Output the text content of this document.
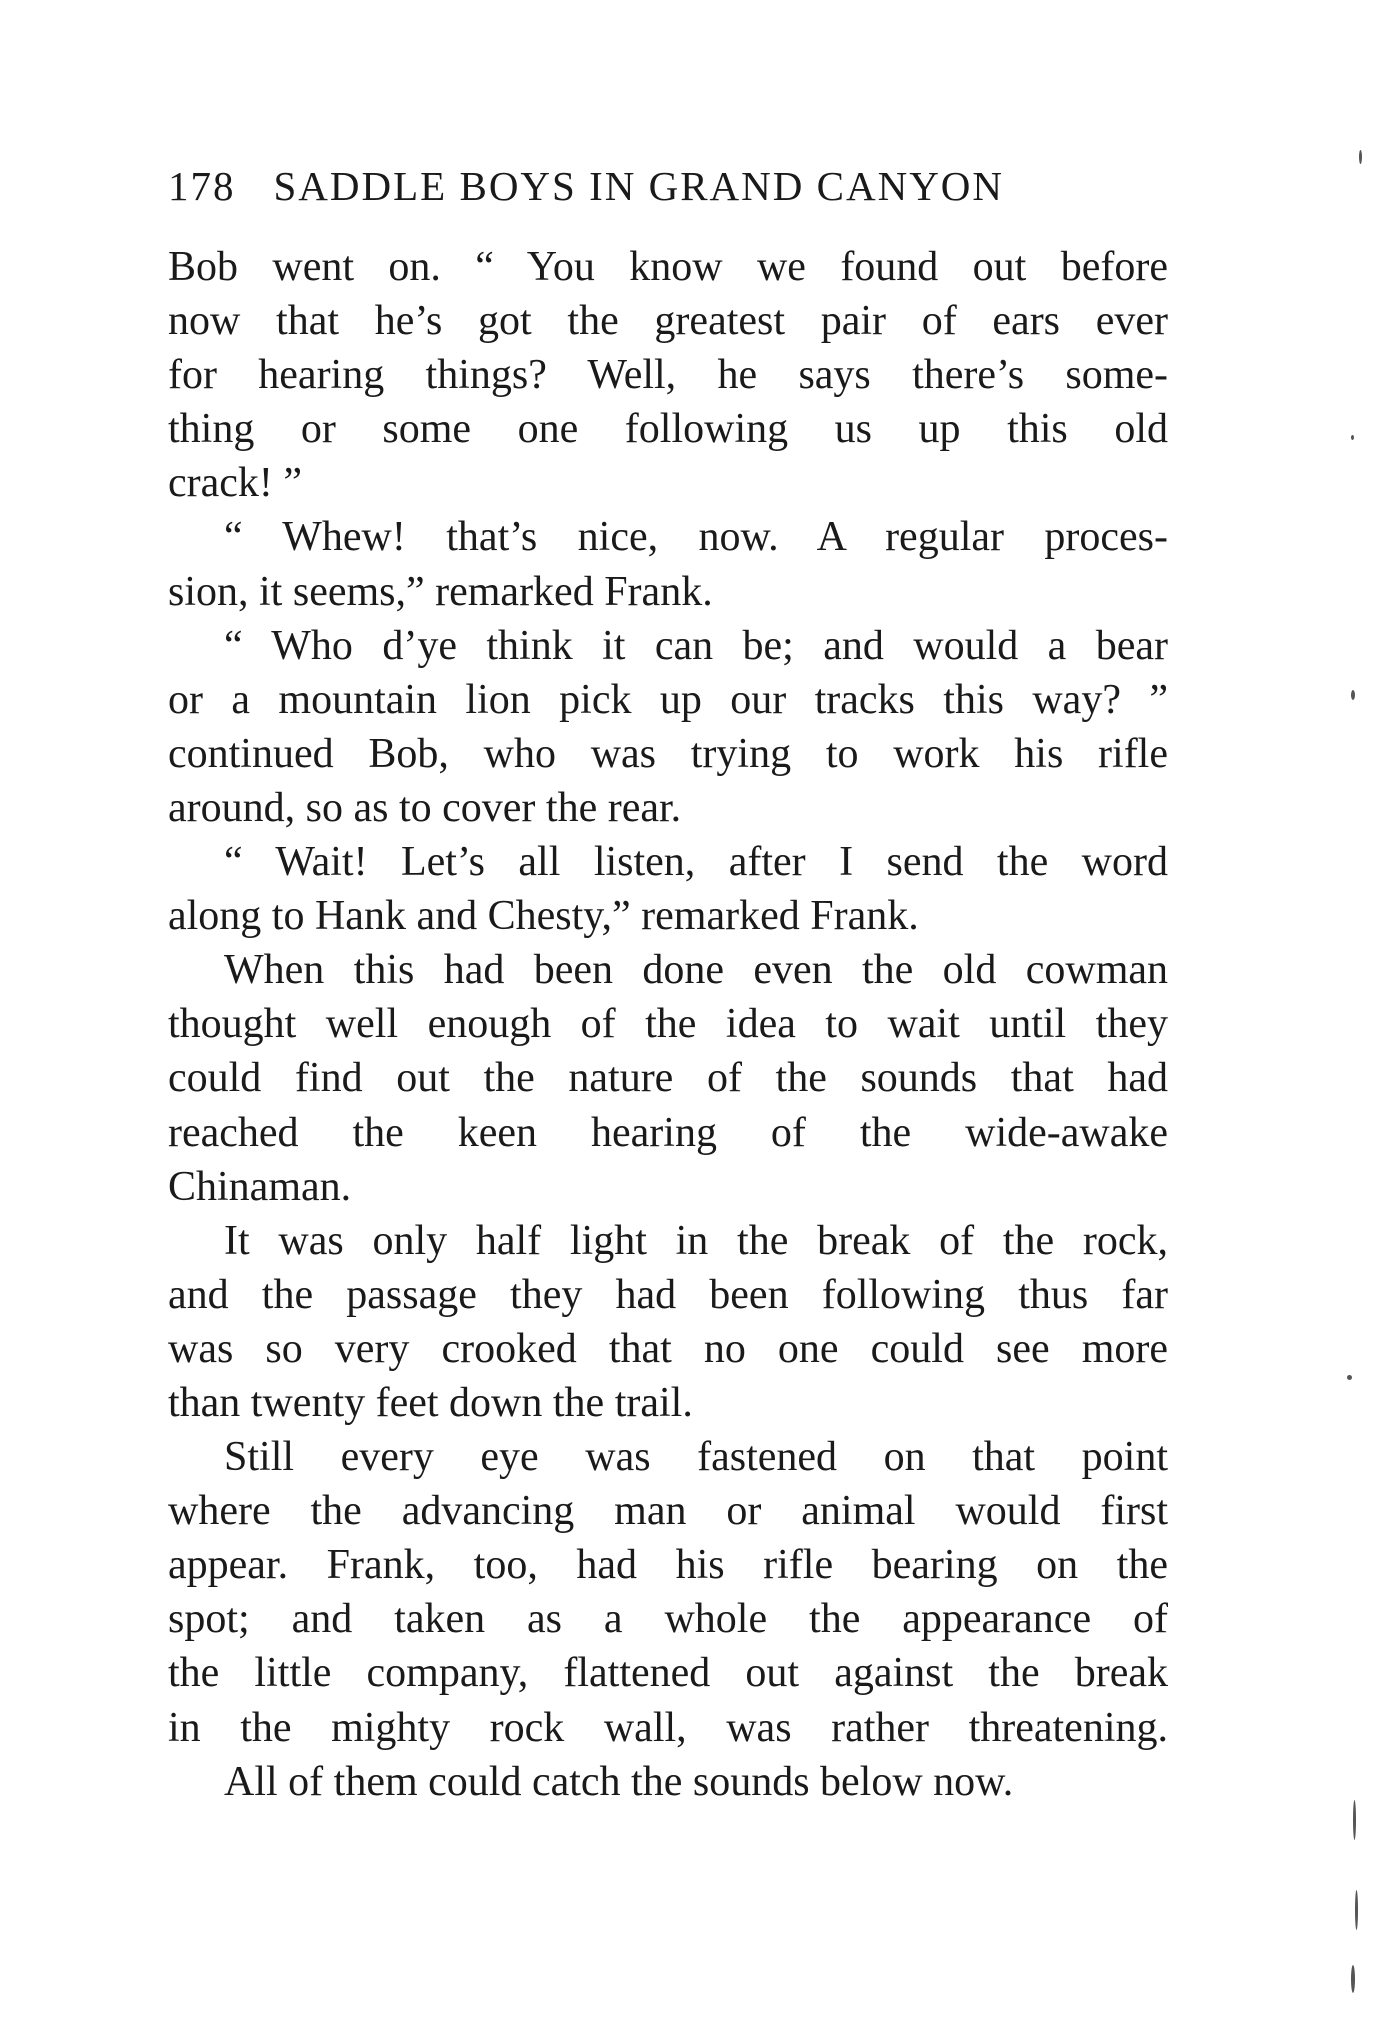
178 SADDLE BOYS IN GRAND CANYON
Bob went on. “ You know we found out before
now that he’s got the greatest pair of ears ever
for hearing things? Well, he says there’s some-
thing or some one following us up this old
crack! ”
“ Whew! that’s nice, now. A regular proces-
sion, it seems,” remarked Frank.
“ Who d’ye think it can be; and would a bear
or a mountain lion pick up our tracks this way? ”
continued Bob, who was trying to work his rifle
around, so as to cover the rear.
“ Wait! Let’s all listen, after I send the word
along to Hank and Chesty,” remarked Frank.
When this had been done even the old cowman
thought well enough of the idea to wait until they
could find out the nature of the sounds that had
reached the keen hearing of the wide-awake
Chinaman.
It was only half light in the break of the rock,
and the passage they had been following thus far
was so very crooked that no one could see more
than twenty feet down the trail.
Still every eye was fastened on that point
where the advancing man or animal would first
appear. Frank, too, had his rifle bearing on the
spot; and taken as a whole the appearance of
the little company, flattened out against the break
in the mighty rock wall, was rather threatening.
All of them could catch the sounds below now.
